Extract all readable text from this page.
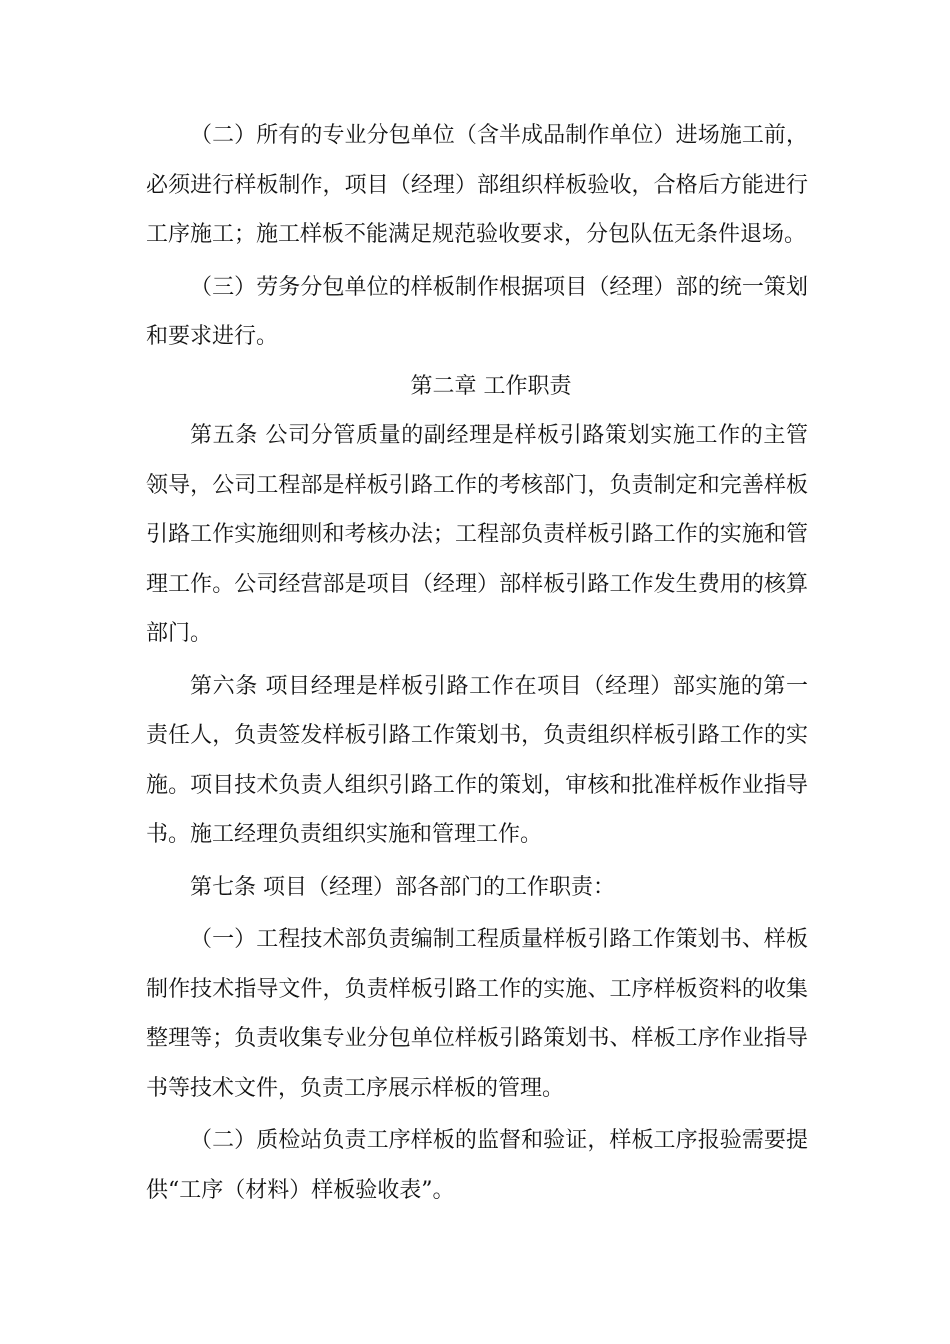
（二）所有的专业分包单位（含半成品制作单位）进场施工前，必须进行样板制作，项目（经理）部组织样板验收，合格后方能进行工序施工；施工样板不能满足规范验收要求，分包队伍无条件退场。

（三）劳务分包单位的样板制作根据项目（经理）部的统一策划和要求进行。

第二章 工作职责

第五条 公司分管质量的副经理是样板引路策划实施工作的主管领导，公司工程部是样板引路工作的考核部门，负责制定和完善样板引路工作实施细则和考核办法；工程部负责样板引路工作的实施和管理工作。公司经营部是项目（经理）部样板引路工作发生费用的核算部门。

第六条 项目经理是样板引路工作在项目（经理）部实施的第一责任人，负责签发样板引路工作策划书，负责组织样板引路工作的实施。项目技术负责人组织引路工作的策划，审核和批准样板作业指导书。施工经理负责组织实施和管理工作。

第七条 项目（经理）部各部门的工作职责：

（一）工程技术部负责编制工程质量样板引路工作策划书、样板制作技术指导文件，负责样板引路工作的实施、工序样板资料的收集整理等；负责收集专业分包单位样板引路策划书、样板工序作业指导书等技术文件，负责工序展示样板的管理。

（二）质检站负责工序样板的监督和验证，样板工序报验需要提供“工序（材料）样板验收表”。
